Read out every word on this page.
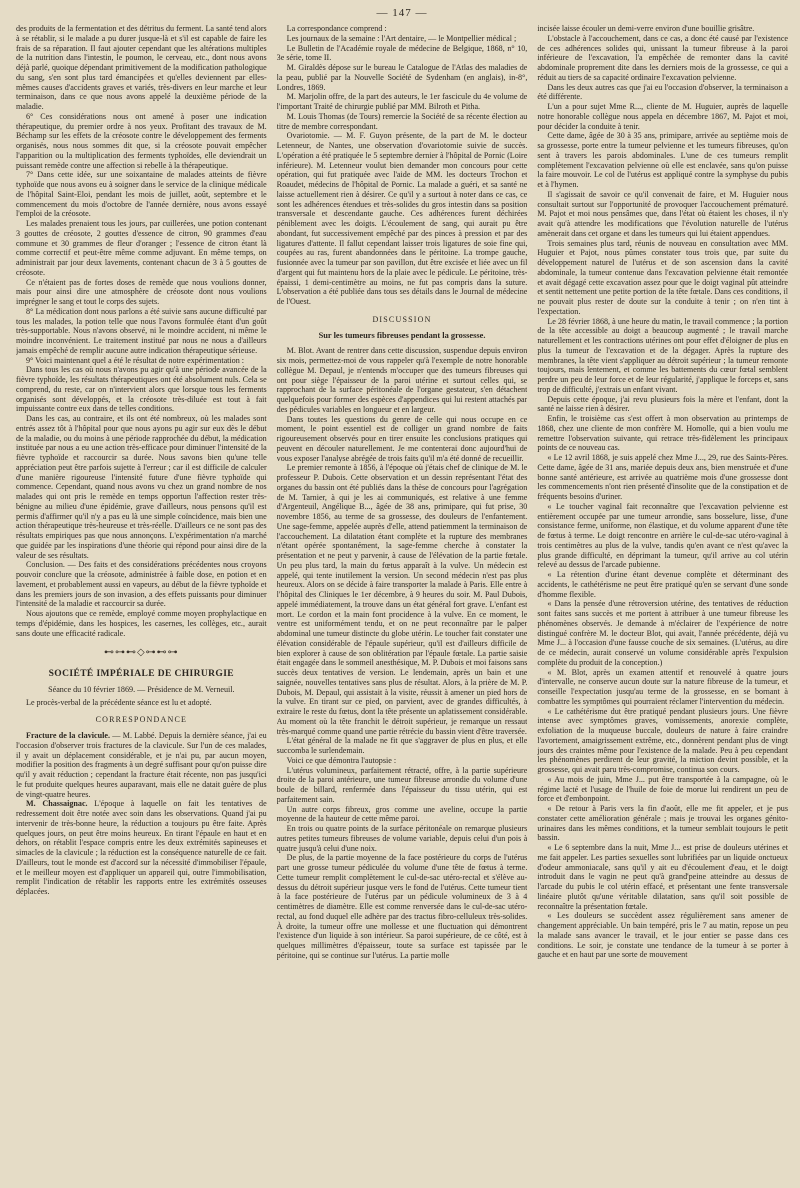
— 147 —

des produits de la fermentation et des détritus du ferment. La santé tend alors à se rétablir, si le malade a pu durer jusque-là et s'il est capable de faire les frais de sa réparation. Il faut ajouter cependant que les altérations multiples de la nutrition dans l'intestin, le poumon, le cerveau, etc., dont nous avons déjà parlé, quoique dépendant primitivement de la modification pathologique du sang, s'en sont plus tard émancipées et qu'elles deviennent par elles-mêmes causes d'accidents graves et variés, très-divers en leur marche et leur terminaison, dans ce que nous avons appelé la deuxième période de la maladie.

6° Ces considérations nous ont amené à poser une indication thérapeutique, du premier ordre à nos yeux. Profitant des travaux de M. Béchamp sur les effets de la créosote contre le développement des ferments organisés, nous nous sommes dit que, si la créosote pouvait empêcher l'apparition ou la multiplication des ferments typhoïdes, elle deviendrait un puissant remède contre une affection si rebelle à la thérapeutique.

7° Dans cette idée, sur une soixantaine de malades atteints de fièvre typhoïde que nous avons eu à soigner dans le service de la clinique médicale de l'hôpital Saint-Eloi, pendant les mois de juillet, août, septembre et le commencement du mois d'octobre de l'année dernière, nous avons essayé l'emploi de la créosote.

Les malades prenaient tous les jours, par cuillerées, une potion contenant 3 gouttes de créosote, 2 gouttes d'essence de citron, 90 grammes d'eau commune et 30 grammes de fleur d'oranger ; l'essence de citron étant là comme correctif et peut-être même comme adjuvant. En même temps, on administrait par jour deux lavements, contenant chacun de 3 à 5 gouttes de créosote.

Ce n'étaient pas de fortes doses de remède que nous voulions donner, mais pour ainsi dire une atmosphère de créosote dont nous voulions imprégner le sang et tout le corps des sujets.

8° La médication dont nous parlons a été suivie sans aucune difficulté par tous les malades, la potion telle que nous l'avons formulée étant d'un goût très-supportable. Nous n'avons observé, ni le moindre accident, ni même le moindre inconvénient. Le traitement institué par nous ne nous a d'ailleurs jamais empêché de remplir aucune autre indication thérapeutique sérieuse.

9° Voici maintenant quel a été le résultat de notre expérimentation :

Dans tous les cas où nous n'avons pu agir qu'à une période avancée de la fièvre typhoïde, les résultats thérapeutiques ont été absolument nuls. Cela se comprend, du reste, car on n'intervient alors que lorsque tous les ferments organisés sont développés, et la créosote très-diluée est tout à fait impuissante contre eux dans de telles conditions.

Dans les cas, au contraire, et ils ont été nombreux, où les malades sont entrés assez tôt à l'hôpital pour que nous ayons pu agir sur eux dès le début de la maladie, ou du moins à une période rapprochée du début, la médication instituée par nous a eu une action très-efficace pour diminuer l'intensité de la fièvre typhoïde et raccourcir sa durée. Nous savons bien qu'une telle appréciation peut être parfois sujette à l'erreur ; car il est difficile de calculer d'une manière rigoureuse l'intensité future d'une fièvre typhoïde qui commence. Cependant, quand nous avons vu chez un grand nombre de nos malades qui ont pris le remède en temps opportun l'affection rester très-bénigne au milieu d'une épidémie, grave d'ailleurs, nous pensons qu'il est permis d'affirmer qu'il n'y a pas eu là une simple coïncidence, mais bien une action thérapeutique très-heureuse et très-réelle. D'ailleurs ce ne sont pas des résultats empiriques pas que nous annonçons. L'expérimentation n'a marché que guidée par les inspirations d'une théorie qui répond pour ainsi dire de la valeur de ses résultats.

Conclusion. — Des faits et des considérations précédentes nous croyons pouvoir conclure que la créosote, administrée à faible dose, en potion et en lavement, et probablement aussi en vapeurs, au début de la fièvre typhoïde et dans les premiers jours de son invasion, a des effets puissants pour diminuer l'intensité de la maladie et raccourcir sa durée.

Nous ajoutons que ce remède, employé comme moyen prophylactique en temps d'épidémie, dans les hospices, les casernes, les collèges, etc., aurait sans doute une efficacité radicale.

⊷⊶⊷◇⊶⊷⊶
SOCIÉTÉ IMPÉRIALE DE CHIRURGIE

Séance du 10 février 1869. — Présidence de M. Verneuil.

Le procès-verbal de la précédente séance est lu et adopté.

CORRESPONDANCE

Fracture de la clavicule. — M. Labbé. Depuis la dernière séance, j'ai eu l'occasion d'observer trois fractures de la clavicule. Sur l'un de ces malades, il y avait un déplacement considérable, et je n'ai pu, par aucun moyen, modifier la position des fragments à un degré suffisant pour qu'on puisse dire qu'il y avait réduction ; cependant la fracture était récente, non pas jusqu'ici le fut produite quelques heures auparavant, mais elle ne datait guère de plus de vingt-quatre heures.

M. Chassaignac. L'époque à laquelle on fait les tentatives de redressement doit être notée avec soin dans les observations. Quand j'ai pu intervenir de très-bonne heure, la réduction a toujours pu être faite. Après quelques jours, on peut être moins heureux. En tirant l'épaule en haut et en dehors, on rétablit l'espace compris entre les deux extrémités sapineuses et simacles de la clavicule ; la réduction est la conséquence naturelle de ce fait. D'ailleurs, tout le monde est d'accord sur la nécessité d'immobiliser l'épaule, et le meilleur moyen est d'appliquer un appareil qui, outre l'immobilisation, remplit l'indication de rétablir les rapports entre les extrémités osseuses déplacées.

La correspondance comprend :

Les journaux de la semaine : l'Art dentaire, — le Montpellier médical ;

Le Bulletin de l'Académie royale de médecine de Belgique, 1868, n° 10, 3e série, tome II.

M. Giraldès dépose sur le bureau le Catalogue de l'Atlas des maladies de la peau, publié par la Nouvelle Société de Sydenham (en anglais), in-8°, Londres, 1869.

M. Marjolin offre, de la part des auteurs, le 1er fascicule du 4e volume de l'important Traité de chirurgie publié par MM. Bilroth et Pitha.

M. Louis Thomas (de Tours) remercie la Société de sa récente élection au titre de membre correspondant.

Ovariotomie. — M. F. Guyon présente, de la part de M. le docteur Letenneur, de Nantes, une observation d'ovariotomie suivie de succès. L'opération a été pratiquée le 5 septembre dernier à l'hôpital de Pornic (Loire inférieure). M. Letenneur voulut bien demander mon concours pour cette opération, qui fut pratiquée avec l'aide de MM. les docteurs Trochon et Roaudet, médecins de l'hôpital de Pornic. La malade a guéri, et sa santé ne laisse actuellement rien à désirer. Ce qu'il y a surtout à noter dans ce cas, ce sont les adhérences étendues et très-solides du gros intestin dans sa position transversale et descendante gauche. Ces adhérences furent déchirées péniblement avec les doigts. L'écoulement de sang, qui aurait pu être abondant, fut successivement empêché par des pinces à pression et par des ligatures d'attente. Il fallut cependant laisser trois ligatures de soie fine qui, coupées au ras, furent abandonnées dans le péritoine. La trompe gauche, fusionnée avec la tumeur par son pavillon, dut être excisée et liée avec un fil d'argent qui fut maintenu hors de la plaie avec le pédicule. Le péritoine, très-épaissi, 1 demi-centimètre au moins, ne fut pas compris dans la suture. L'observation a été publiée dans tous ses détails dans le Journal de médecine de l'Ouest.

DISCUSSION
Sur les tumeurs fibreuses pendant la grossesse.

M. Blot. Avant de rentrer dans cette discussion, suspendue depuis environ six mois, permettez-moi de vous rappeler qu'à l'exemple de notre honorable collègue M. Depaul, je n'entends m'occuper que des tumeurs fibreuses qui ont pour siège l'épaisseur de la paroi utérine et surtout celles qui, se rapprochant de la surface péritonéale de l'organe gestateur, s'en détachent quelquefois pour former des espèces d'appendices qui lui restent attachés par des pédicules variables en longueur et en largeur.

Dans toutes les questions du genre de celle qui nous occupe en ce moment, le point essentiel est de colliger un grand nombre de faits rigoureusement observés pour en tirer ensuite les conclusions pratiques qui peuvent en découler naturellement. Je me contenterai donc aujourd'hui de vous exposer l'analyse abrégée de trois faits qu'il m'a été donné de recueillir.

Le premier remonte à 1856, à l'époque où j'étais chef de clinique de M. le professeur P. Dubois. Cette observation et un dessin représentant l'état des organes du bassin ont été publiés dans la thèse de concours pour l'agrégation de M. Tarnier, à qui je les ai communiqués, est relative à une femme d'Argenteuil, Angélique B..., âgée de 38 ans, primipare, qui fut prise, 30 novembre 1856, au terme de sa grossesse, des douleurs de l'enfantement. Une sage-femme, appelée auprès d'elle, attend patiemment la terminaison de l'accouchement. La dilatation étant complète et la rupture des membranes n'étant opérée spontanément, la sage-femme cherche à constater la présentation et ne peut y parvenir, à cause de l'élévation de la partie fœtale. Un peu plus tard, la main du fœtus apparaît à la vulve. Un médecin est appelé, qui tente inutilement la version. Un second médecin n'est pas plus heureux. Alors on se décide à faire transporter la malade à Paris. Elle entre à l'hôpital des Cliniques le 1er décembre, à 9 heures du soir. M. Paul Dubois, appelé immédiatement, la trouve dans un état général fort grave. L'enfant est mort. Le cordon et la main font procidence à la vulve. En ce moment, le ventre est uniformément tendu, et on ne peut reconnaître par le palper abdominal une tumeur distincte du globe utérin. Le toucher fait constater une élévation considérable de l'épaule supérieur, qu'il est d'ailleurs difficile de bien explorer à cause de son oblitération par l'épaule fœtale. La partie saisie était engagée dans le sommeil anesthésique, M. P. Dubois et moi faisons sans succès deux tentatives de version. Le lendemain, après un bain et une saignée, nouvelles tentatives sans plus de résultat. Alors, à la prière de M. P. Dubois, M. Depaul, qui assistait à la visite, réussit à amener un pied hors de la vulve. En tirant sur ce pied, on parvient, avec de grandes difficultés, à extraire le reste du fœtus, dont la tête présente un aplatissement considérable. Au moment où la tête franchit le détroit supérieur, je remarque un ressaut très-marqué comme quand une partie rétrécie du bassin vient d'être traversée.

L'état général de la malade ne fit que s'aggraver de plus en plus, et elle succomba le surlendemain.

Voici ce que démontra l'autopsie :

L'utérus volumineux, parfaitement rétracté, offre, à la partie supérieure droite de la paroi antérieure, une tumeur fibreuse arrondie du volume d'une boule de billard, renfermée dans l'épaisseur du tissu utérin, qui est parfaitement sain.

Un autre corps fibreux, gros comme une aveline, occupe la partie moyenne de la hauteur de cette même paroi.

En trois ou quatre points de la surface péritonéale on remarque plusieurs autres petites tumeurs fibreuses de volume variable, depuis celui d'un pois à quatre jusqu'à celui d'une noix.

De plus, de la partie moyenne de la face postérieure du corps de l'utérus part une grosse tumeur pédiculée du volume d'une tête de fœtus à terme. Cette tumeur remplit complètement le cul-de-sac utéro-rectal et s'élève au-dessus du détroit supérieur jusque vers le fond de l'utérus. Cette tumeur tient à la face postérieure de l'utérus par un pédicule volumineux de 3 à 4 centimètres de diamètre. Elle est comme renversée dans le cul-de-sac utéro-rectal, au fond duquel elle adhère par des tractus fibro-celluleux très-solides. À droite, la tumeur offre une mollesse et une fluctuation qui démontrent l'existence d'un liquide à son intérieur. Sa paroi supérieure, de ce côté, est à quelques millimètres d'épaisseur, toute sa surface est tapissée par le péritoine, qui se continue sur l'utérus. La partie molle

incisée laisse écouler un demi-verre environ d'une bouillie grisâtre.

L'obstacle à l'accouchement, dans ce cas, a donc été causé par l'existence de ces adhérences solides qui, unissant la tumeur fibreuse à la paroi inférieure de l'excavation, l'a empêchée de remonter dans la cavité abdominale proprement dite dans les derniers mois de la grossesse, ce qui a réduit au tiers de sa capacité ordinaire l'excavation pelvienne.

Dans les deux autres cas que j'ai eu l'occasion d'observer, la terminaison a été différente.

L'un a pour sujet Mme R..., cliente de M. Huguier, auprès de laquelle notre honorable collègue nous appela en décembre 1867, M. Pajot et moi, pour décider la conduite à tenir.

Cette dame, âgée de 30 à 35 ans, primipare, arrivée au septième mois de sa grossesse, porte entre la tumeur pelvienne et les tumeurs fibreuses, qu'on sent à travers les parois abdominales. L'une de ces tumeurs remplit complètement l'excavation pelvienne où elle est enclavée, sans qu'on puisse la faire mouvoir. Le col de l'utérus est appliqué contre la symphyse du pubis et à l'hymen.

Il s'agissait de savoir ce qu'il convenait de faire, et M. Huguier nous consultait surtout sur l'opportunité de provoquer l'accouchement prématuré. M. Pajot et moi nous pensâmes que, dans l'état où étaient les choses, il n'y avait qu'à attendre les modifications que l'évolution naturelle de l'utérus amènerait dans cet organe et dans les tumeurs qui lui étaient appendues.

Trois semaines plus tard, réunis de nouveau en consultation avec MM. Huguier et Pajot, nous pûmes constater tous trois que, par suite du développement naturel de l'utérus et de son ascension dans la cavité abdominale, la tumeur contenue dans l'excavation pelvienne était remontée et avait dégagé cette excavation assez pour que le doigt vaginal pût atteindre et sentit nettement une petite portion de la tête fœtale. Dans ces conditions, il ne pouvait plus rester de doute sur la conduite à tenir ; on n'en tint à l'expectation.

Le 28 février 1868, à une heure du matin, le travail commence ; la portion de la tête accessible au doigt a beaucoup augmenté ; le travail marche naturellement et les contractions utérines ont pour effet d'éloigner de plus en plus la tumeur de l'excavation et de la dégager. Après la rupture des membranes, la tête vient s'appliquer au détroit supérieur ; la tumeur remonte toujours, mais lentement, et comme les battements du cœur fœtal semblent perdre un peu de leur force et de leur régularité, j'applique le forceps et, sans trop de difficulté, j'extrais un enfant vivant.

Depuis cette époque, j'ai revu plusieurs fois la mère et l'enfant, dont la santé ne laisse rien à désirer.

Enfin, le troisième cas s'est offert à mon observation au printemps de 1868, chez une cliente de mon confrère M. Homolle, qui a bien voulu me remettre l'observation suivante, qui retrace très-fidèlement les principaux points de ce nouveau cas.

« Le 12 avril 1868, je suis appelé chez Mme J..., 29, rue des Saints-Pères. Cette dame, âgée de 31 ans, mariée depuis deux ans, bien menstruée et d'une bonne santé antérieure, est arrivée au quatrième mois d'une grossesse dont les commencements n'ont rien présenté d'insolite que de la constipation et de fréquents besoins d'uriner.

« Le toucher vaginal fait reconnaître que l'excavation pelvienne est entièrement occupée par une tumeur arrondie, sans bosselure, lisse, d'une consistance ferme, uniforme, non élastique, et du volume apparent d'une tête de fœtus à terme. Le doigt rencontre en arrière le cul-de-sac utéro-vaginal à trois centimètres au plus de la vulve, tandis qu'en avant ce n'est qu'avec la plus grande difficulté, en déprimant la tumeur, qu'il arrive au col utérin relevé au dessus de l'arcade pubienne.

« La rétention d'urine étant devenue complète et déterminant des accidents, le cathétérisme ne peut être pratiqué qu'en se servant d'une sonde d'homme flexible.

« Dans la pensée d'une rétroversion utérine, des tentatives de réduction sont faites sans succès et me portent à attribuer à une tumeur fibreuse les phénomènes observés. Je demande à m'éclairer de l'expérience de notre distingué confrère M. le docteur Blot, qui avait, l'année précédente, déjà vu Mme J... à l'occasion d'une fausse couche de six semaines. (L'utérus, au dire de ce médecin, aurait conservé un volume considérable après l'expulsion complète du produit de la conception.)

« M. Blot, après un examen attentif et renouvelé à quatre jours d'intervalle, ne conserve aucun doute sur la nature fibreuse de la tumeur, et conseille l'expectation jusqu'au terme de la grossesse, en se bornant à combattre les symptômes qui pourraient réclamer l'intervention du médecin.

« Le cathétérisme dut être pratiqué pendant plusieurs jours. Une fièvre intense avec symptômes graves, vomissements, anorexie complète, exfoliation de la muqueuse buccale, douleurs de nature à faire craindre l'avortement, amaigrissement extrême, etc., donnèrent pendant plus de vingt jours des craintes même pour l'existence de la malade. Peu à peu cependant les phénomènes perdirent de leur gravité, la miction devint possible, et la grossesse, qui avait paru très-compromise, continua son cours.

« Au mois de juin, Mme J... put être transportée à la campagne, où le régime lacté et l'usage de l'huile de foie de morue lui rendirent un peu de force et d'embonpoint.

« De retour à Paris vers la fin d'août, elle me fit appeler, et je pus constater cette amélioration générale ; mais je trouvai les organes génito-urinaires dans les mêmes conditions, et la tumeur semblait toujours le petit bassin.

« Le 6 septembre dans la nuit, Mme J... est prise de douleurs utérines et me fait appeler. Les parties sexuelles sont lubrifiées par un liquide onctueux d'odeur ammoniacale, sans qu'il y ait eu d'écoulement d'eau, et le doigt introduit dans le vagin ne peut qu'à grand'peine atteindre au dessus de l'arcade du pubis le col utérin effacé, et présentant une fente transversale linéaire plutôt qu'une véritable dilatation, sans qu'il soit possible de reconnaître la présentation fœtale.

« Les douleurs se succèdent assez régulièrement sans amener de changement appréciable. Un bain tempéré, pris le 7 au matin, repose un peu la malade sans avancer le travail, et le jour entier se passe dans ces conditions. Le soir, je constate une tendance de la tumeur à se porter à gauche et en haut par une sorte de mouvement
